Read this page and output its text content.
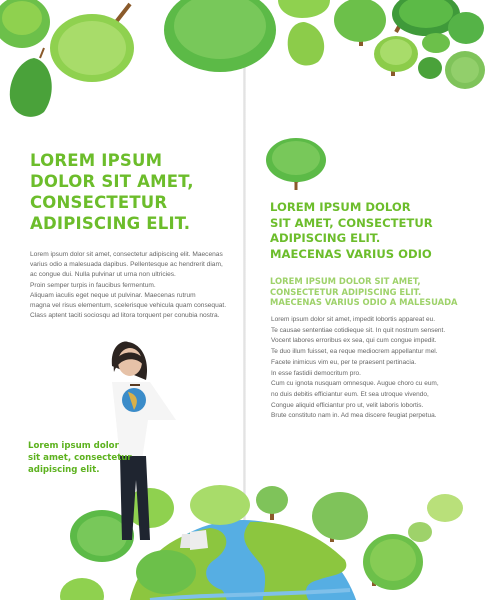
LOREM IPSUM DOLOR SIT AMET, CONSECTETUR ADIPISCING ELIT.

Lorem ipsum dolor sit amet, consectetur adipiscing elit. Maecenas
varius odio a malesuada dapibus. Pellentesque ac hendrerit diam,
ac congue dui. Nulla pulvinar ut urna non ultricies.
Proin semper turpis in faucibus fermentum.
Aliquam iaculis eget neque ut pulvinar. Maecenas rutrum
magna vel risus elementum, scelerisque vehicula quam consequat.
Class aptent taciti sociosqu ad litora torquent per conubia nostra.

Lorem ipsum dolor
sit amet, consectetur
adipiscing elit.

LOREM IPSUM DOLOR
SIT AMET, CONSECTETUR
ADIPISCING ELIT.
MAECENAS VARIUS ODIO

LOREM IPSUM DOLOR SIT AMET,
CONSECTETUR ADIPISCING ELIT.
MAECENAS VARIUS ODIO A MALESUADA

Lorem ipsum dolor sit amet, impedit lobortis appareat eu.
Te causae sententiae cotidieque sit. In quit nostrum sensent.
Vocent labores erroribus ex sea, qui cum congue impedit.
Te duo illum fuisset, ea reque mediocrem appellantur mel.
Facete inimicus vim eu, per te praesent pertinacia.
In esse fastidii democritum pro.
Cum cu ignota nusquam omnesque. Augue choro cu eum,
no duis debitis efficiantur eum. Et sea utroque vivendo,
Congue aliquid efficiantur pro ut, velit laboris lobortis.
Brute constituto nam in. Ad mea discere feugiat perpetua.
